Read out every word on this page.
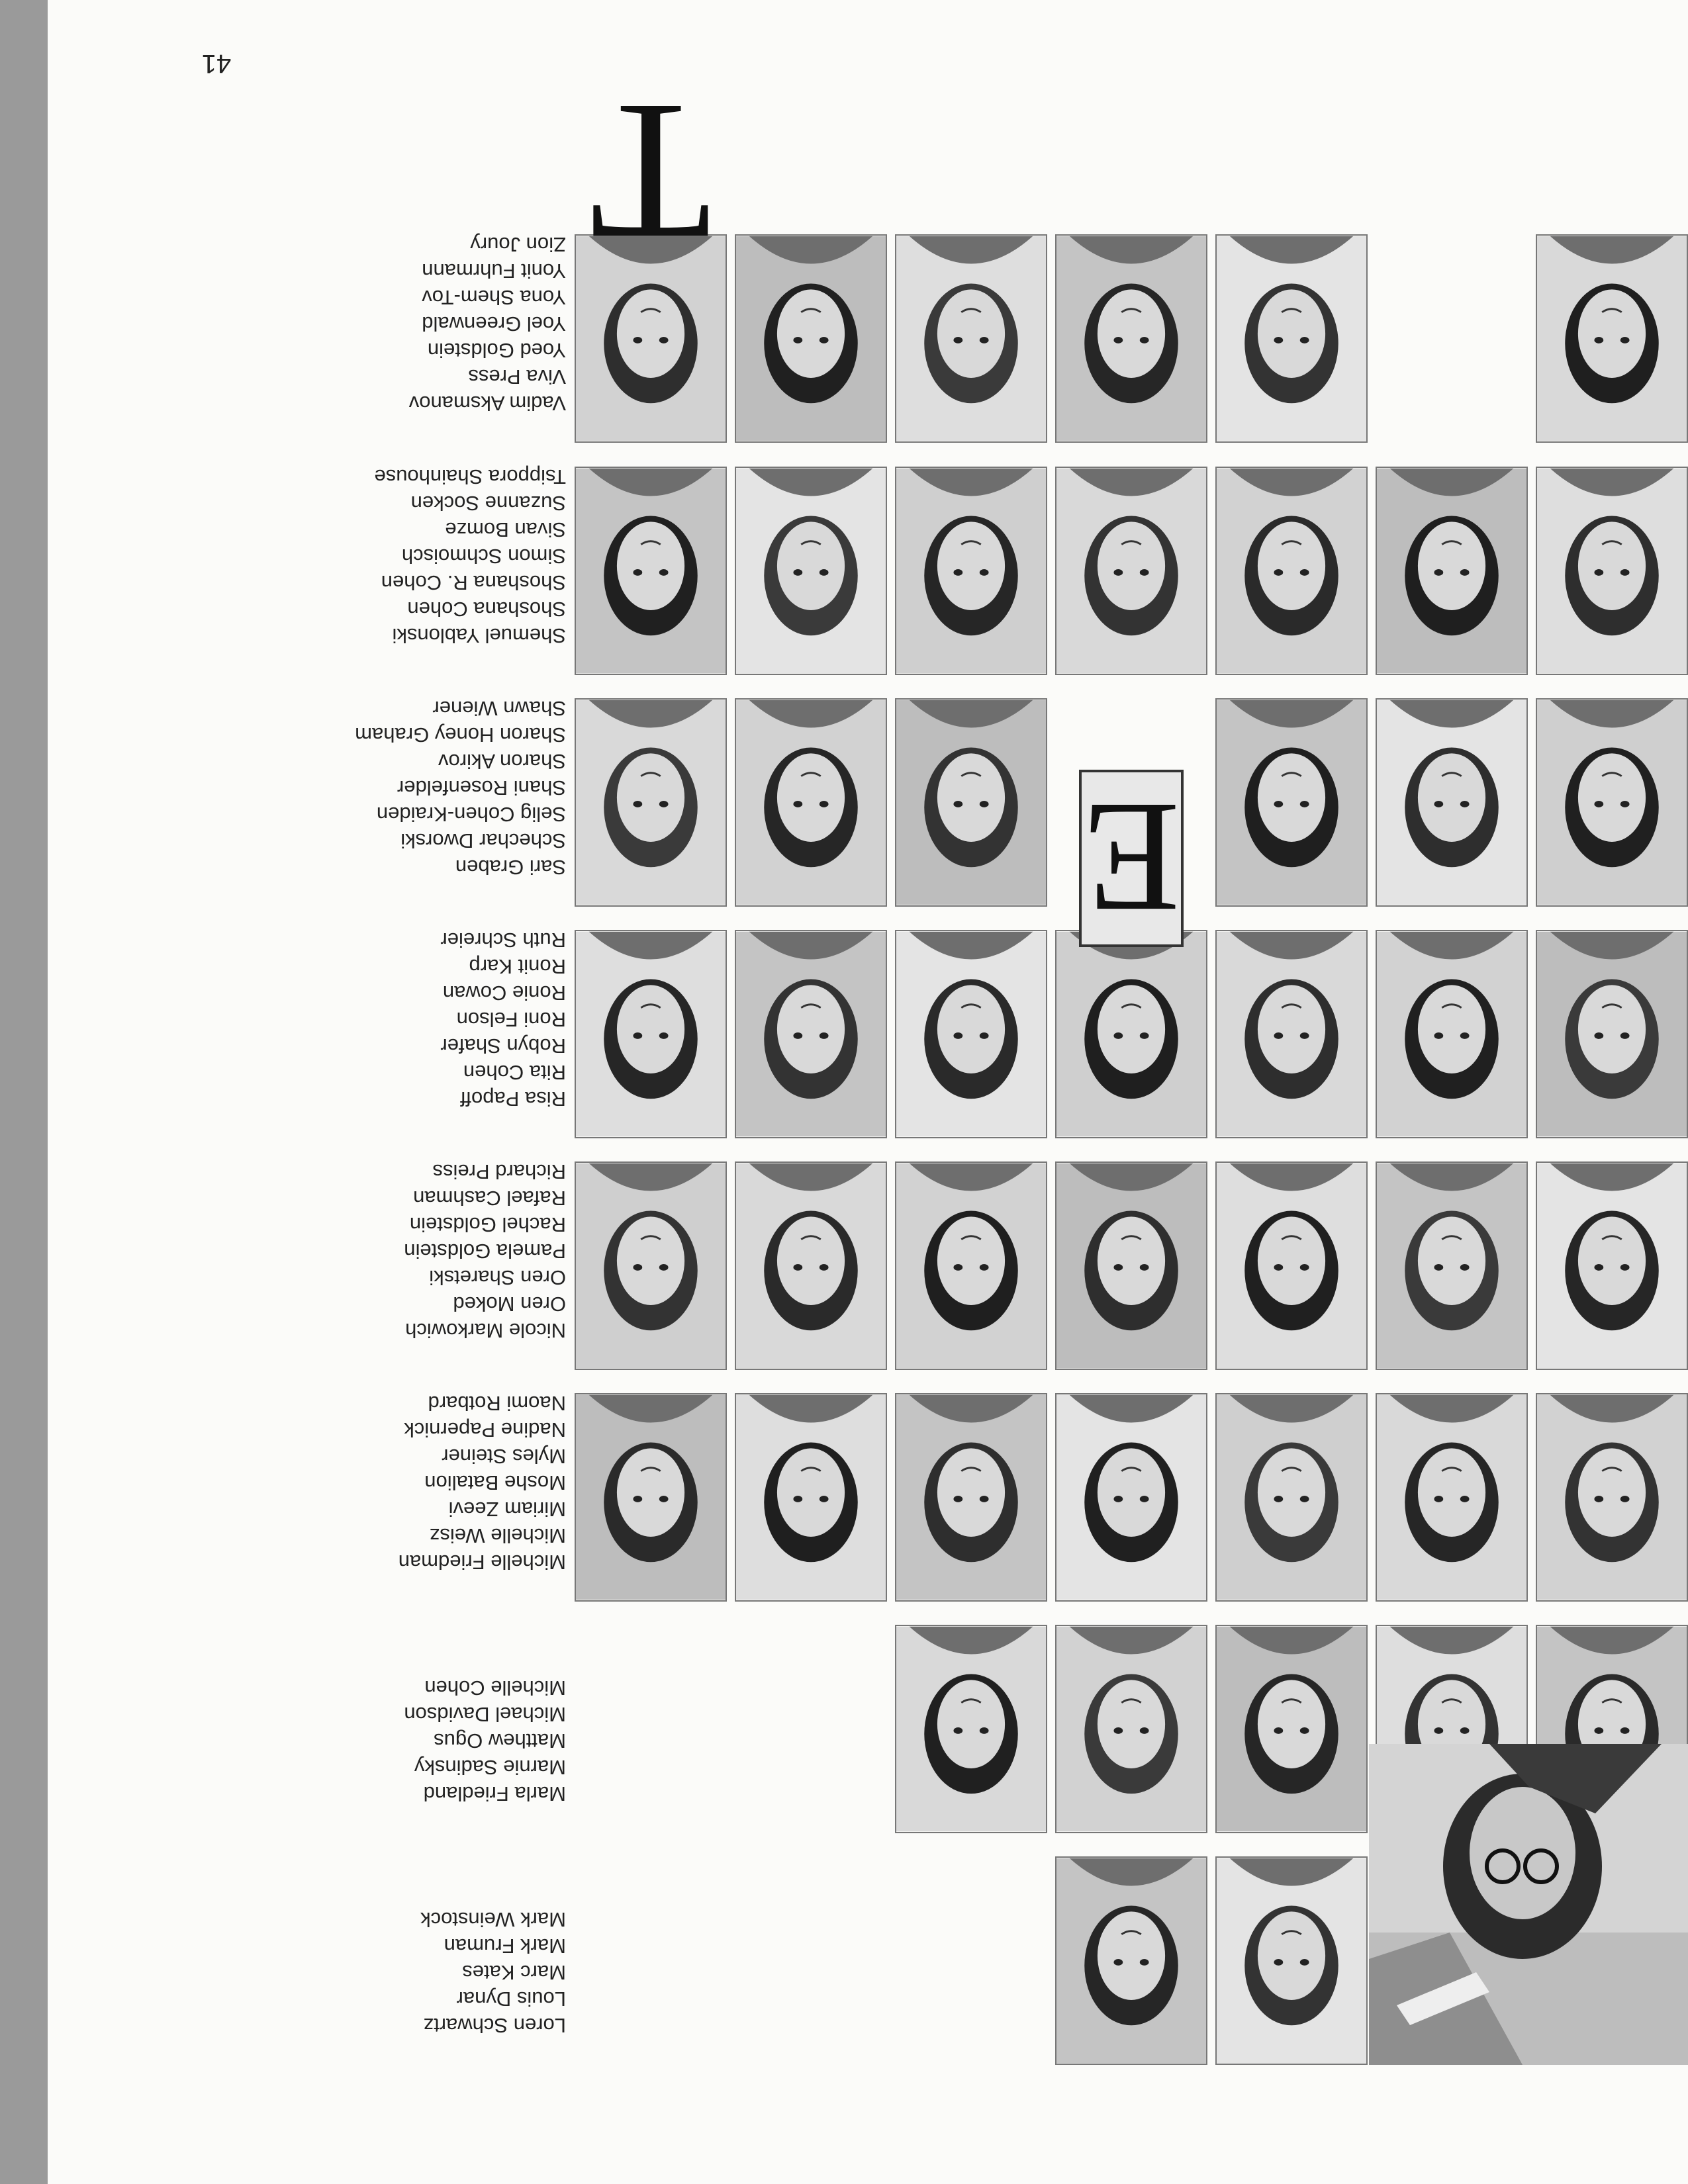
41
Loren Schwartz
Louis Dynar
Marc Kates
Mark Fruman
Mark Weinstock
Marla Friedland
Marnie Sadinsky
Matthew Ogus
Michael Davidson
Michelle Cohen
Michelle Friedman
Michelle Weisz
Miriam Zeevi
Moshe Batalion
Myles Steiner
Nadine Papernick
Naomi Rotbard
Nicole Markowich
Oren Moked
Oren Sharetski
Pamela Goldstein
Rachel Goldstein
Rafael Cashman
Richard Preiss
Risa Papoff
Rita Cohen
Robyn Shafer
Roni Felson
Ronie Cowan
Ronit Karp
Ruth Schreier
Sari Graben
Schechar Dworski
Selig Cohen-Kraiden
Shani Rosenfelder
Sharon Akirov
Sharon Honey Graham
Shawn Wiener
Shemuel Yablonski
Shoshana Cohen
Shoshana R. Cohen
Simon Schmoisch
Sivan Bomze
Suzanne Socken
Tsippora Shainhouse
Vadim Aksmanov
Viva Press
Yoed Goldstein
Yoel Greenwald
Yona Shem-Tov
Yonit Fuhrmann
Zion Joury
E
T
